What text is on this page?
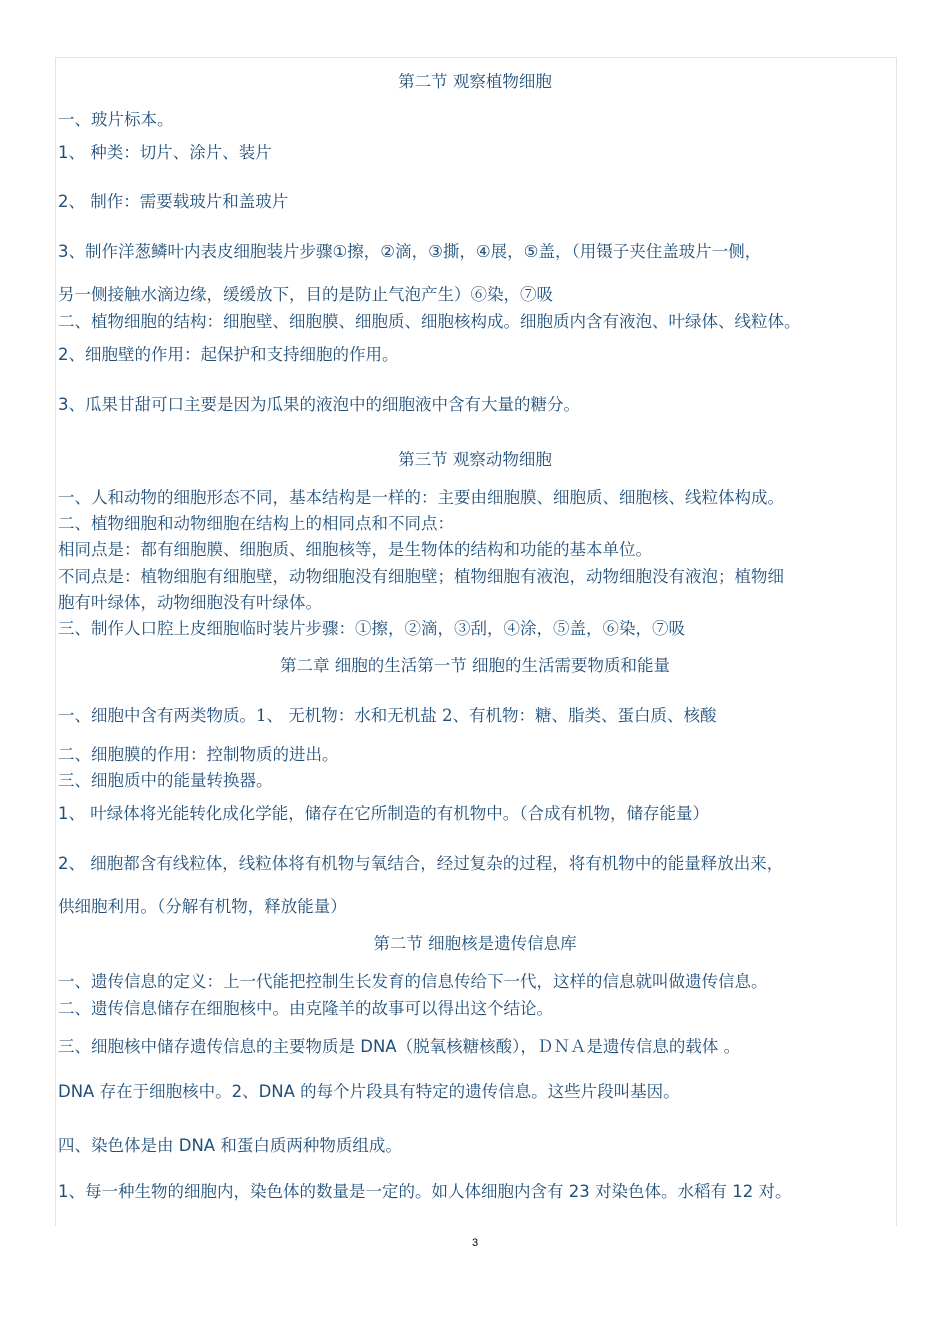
第二节 观察植物细胞
一、玻片标本。
1、 种类：切片、涂片、装片
2、 制作：需要载玻片和盖玻片
3、制作洋葱鳞叶内表皮细胞装片步骤①擦，②滴，③撕，④展，⑤盖，（用镊子夹住盖玻片一侧，
另一侧接触水滴边缘，缓缓放下，目的是防止气泡产生）⑥染，⑦吸
二、植物细胞的结构：细胞壁、细胞膜、细胞质、细胞核构成。细胞质内含有液泡、叶绿体、线粒体。
2、细胞壁的作用：起保护和支持细胞的作用。
3、瓜果甘甜可口主要是因为瓜果的液泡中的细胞液中含有大量的糖分。
第三节 观察动物细胞
一、人和动物的细胞形态不同，基本结构是一样的：主要由细胞膜、细胞质、细胞核、线粒体构成。
二、植物细胞和动物细胞在结构上的相同点和不同点：
相同点是：都有细胞膜、细胞质、细胞核等，是生物体的结构和功能的基本单位。
不同点是：植物细胞有细胞壁，动物细胞没有细胞壁；植物细胞有液泡，动物细胞没有液泡；植物细
胞有叶绿体，动物细胞没有叶绿体。
三、制作人口腔上皮细胞临时装片步骤：①擦，②滴，③刮，④涂，⑤盖，⑥染，⑦吸
第二章 细胞的生活第一节 细胞的生活需要物质和能量
一、细胞中含有两类物质。1、 无机物：水和无机盐 2、有机物：糖、脂类、蛋白质、核酸
二、细胞膜的作用：控制物质的进出。
三、细胞质中的能量转换器。
1、 叶绿体将光能转化成化学能，储存在它所制造的有机物中。（合成有机物，储存能量）
2、 细胞都含有线粒体，线粒体将有机物与氧结合，经过复杂的过程，将有机物中的能量释放出来，
供细胞利用。（分解有机物，释放能量）
第二节 细胞核是遗传信息库
一、遗传信息的定义：上一代能把控制生长发育的信息传给下一代，这样的信息就叫做遗传信息。
二、遗传信息储存在细胞核中。由克隆羊的故事可以得出这个结论。
三、细胞核中储存遗传信息的主要物质是 DNA（脱氧核糖核酸），ＤＮＡ是遗传信息的载体 。
DNA 存在于细胞核中。2、DNA 的每个片段具有特定的遗传信息。这些片段叫基因。
四、染色体是由 DNA 和蛋白质两种物质组成。
1、每一种生物的细胞内，染色体的数量是一定的。如人体细胞内含有 23 对染色体。水稻有 12 对。
3
